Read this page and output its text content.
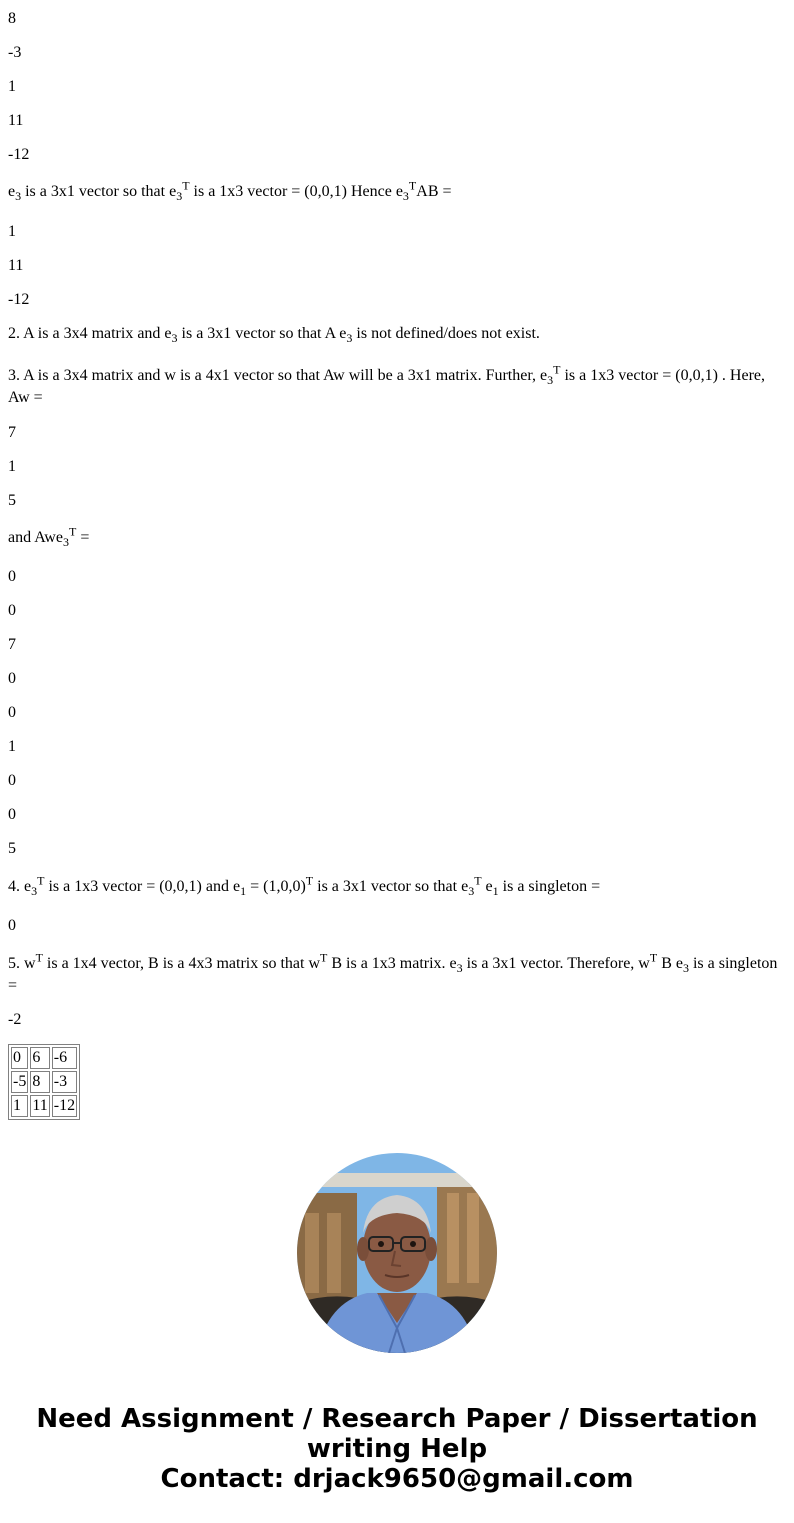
8

-3

1

11

-12

$e_3$ is a 3x1 vector so that $e_3^T$ is a 1x3 vector = (0,0,1) Hence $e_3^TAB$ =

1

11

-12

2. A is a 3x4 matrix and $e_3$ is a 3x1 vector so that A $e_3$ is not defined/does not exist.

3. A is a 3x4 matrix and w is a 4x1 vector so that Aw will be a 3x1 matrix. Further, $e_3^T$ is a 1x3 vector = (0,0,1) . Here, Aw =

7

1

5

and Awe$_3^T$ =

0

0

7

0

0

1

0

0

5

4. $e_3^T$ is a 1x3 vector = (0,0,1) and $e_1 = (1,0,0)^T$ is a 3x1 vector so that $e_3^T$ $e_1$ is a singleton =

0

5. $w^T$ is a 1x4 vector, B is a 4x3 matrix so that $w^T$ B is a 1x3 matrix. $e_3$ is a 3x1 vector. Therefore, $w^T$ B $e_3$ is a singleton =

-2

0	6	-6
-5	8	-3
1	11	-12
Need Assignment / Research Paper / Dissertation
writing Help
Contact: drjack9650@gmail.com
